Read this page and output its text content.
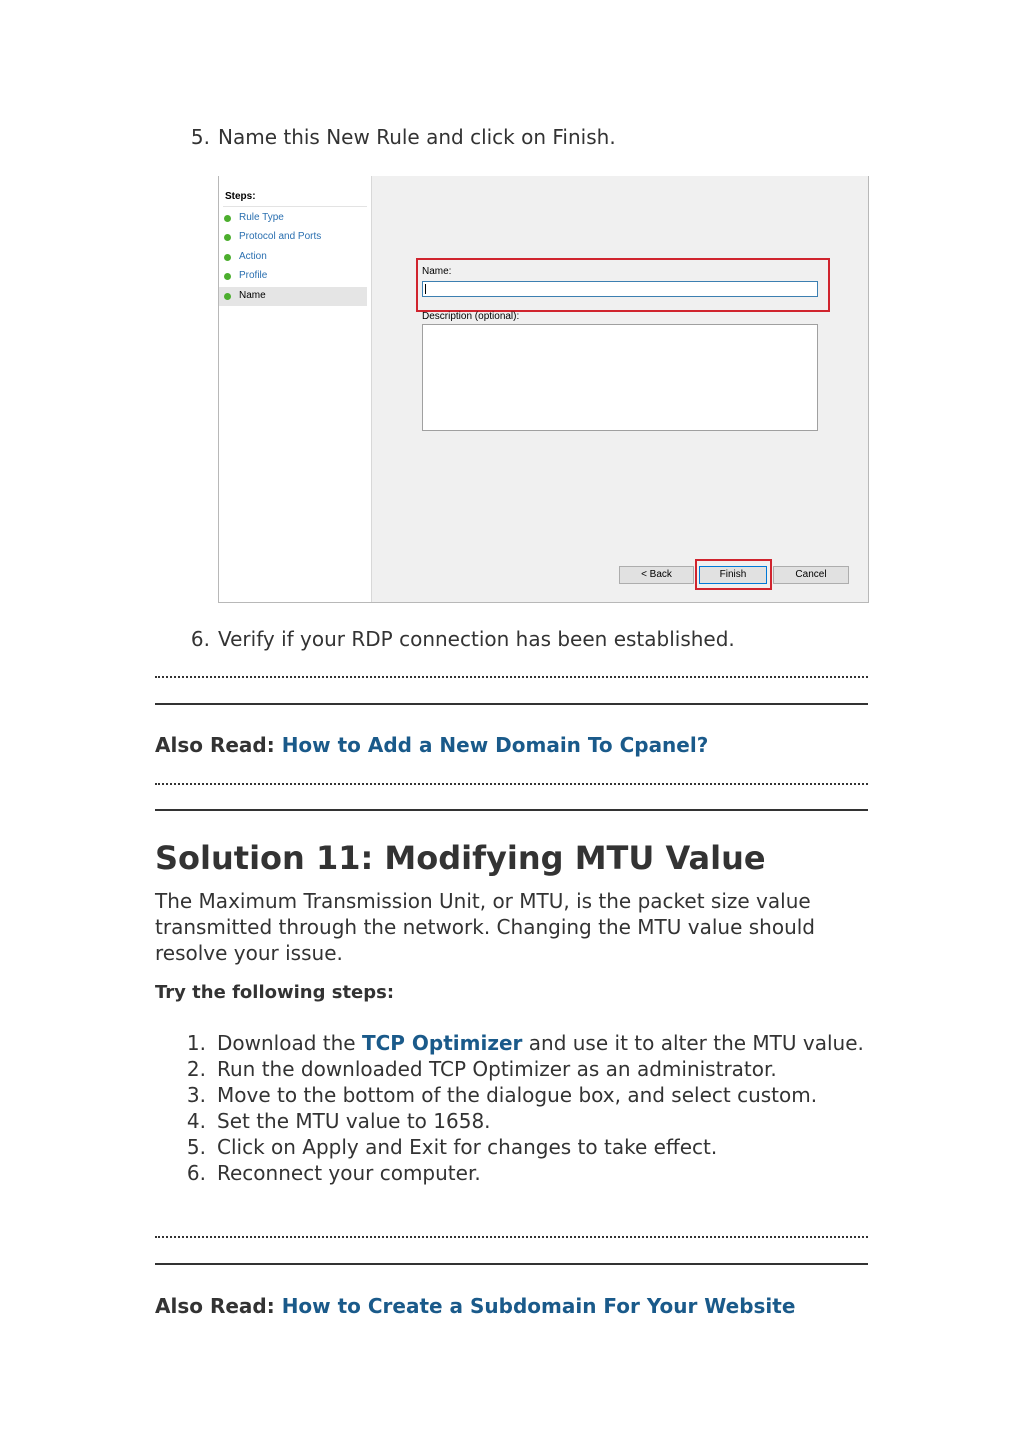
5. Name this New Rule and click on Finish.
Steps:
Rule Type
Protocol and Ports
Action
Profile
Name
Name:
Description (optional):
< Back	Finish	Cancel
6. Verify if your RDP connection has been established.
Also Read: How to Add a New Domain To Cpanel?
Solution 11: Modifying MTU Value
The Maximum Transmission Unit, or MTU, is the packet size value transmitted through the network. Changing the MTU value should resolve your issue.
Try the following steps:
1. Download the TCP Optimizer and use it to alter the MTU value.
2. Run the downloaded TCP Optimizer as an administrator.
3. Move to the bottom of the dialogue box, and select custom.
4. Set the MTU value to 1658.
5. Click on Apply and Exit for changes to take effect.
6. Reconnect your computer.
Also Read: How to Create a Subdomain For Your Website
